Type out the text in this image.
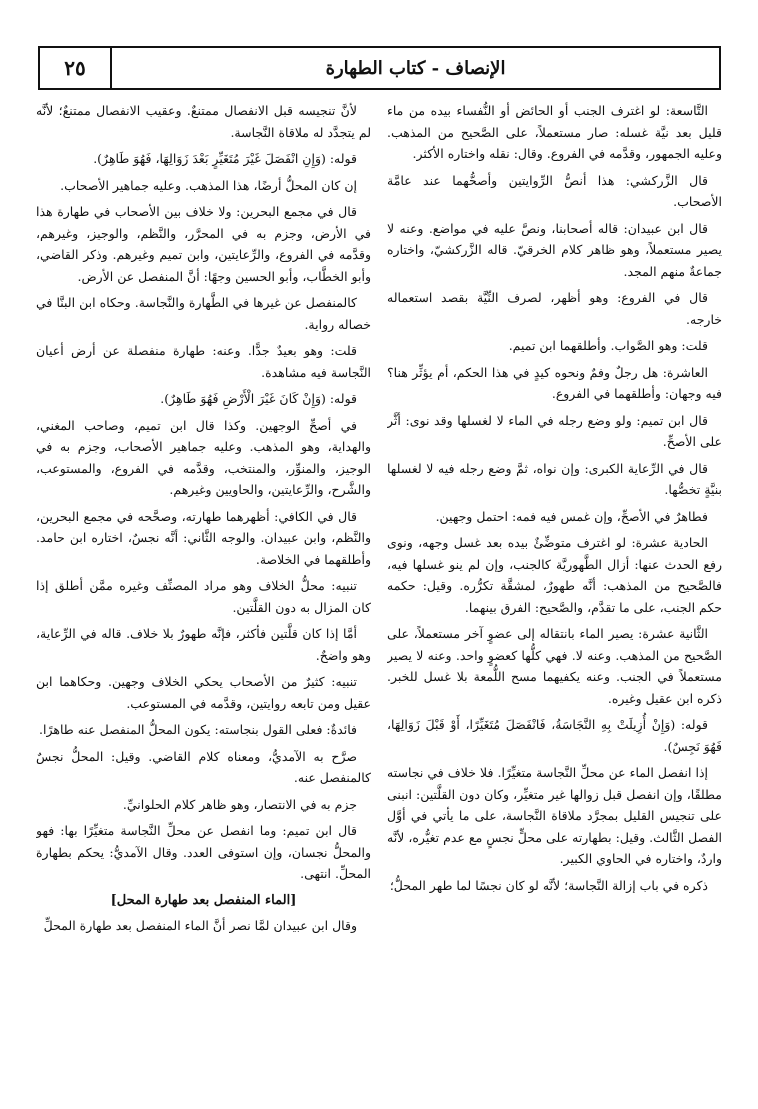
٢٥	الإنصاف - كتاب الطهارة

التَّاسعة: لو اغترف الجنب أو الحائض أو النُّفساء بيده من ماء قليل بعد نيَّة غسله: صار مستعملاً، على الصَّحيح من المذهب. وعليه الجمهور، وقدَّمه في الفروع. وقال: نقله واختاره الأكثر.

قال الزَّركشي: هذا أنصُّ الرِّوايتين وأصحُّهما عند عامَّة الأصحاب.

قال ابن عبيدان: قاله أصحابنا، ونصَّ عليه في مواضع. وعنه لا يصير مستعملاً، وهو ظاهر كلام الخرقيّ. قاله الزَّركشيّ، واختاره جماعةٌ منهم المجد.

قال في الفروع: وهو أظهر، لصرف النِّيَّة بقصد استعماله خارجه.

قلت: وهو الصَّواب. وأطلقهما ابن تميم.

العاشرة: هل رجلٌ وفمٌ ونحوه كيدٍ في هذا الحكم، أم يؤثِّر هنا؟ فيه وجهان: وأطلقهما في الفروع.

قال ابن تميم: ولو وضع رجله في الماء لا لغسلها وقد نوى: أثَّر على الأصحِّ.

قال في الرِّعاية الكبرى: وإن نواه، ثمَّ وضع رجله فيه لا لغسلها بنيَّةٍ تخصُّها.

فطاهرٌ في الأصحِّ، وإن غمس فيه فمه: احتمل وجهين.

الحادية عشرة: لو اغترف متوضِّئٌ بيده بعد غسل وجهه، ونوى رفع الحدث عنها: أزال الطَّهوريَّة كالجنب، وإن لم ينو غسلها فيه، فالصَّحيح من المذهب: أنَّه طهورٌ، لمشقَّة تكرُّره. وقيل: حكمه حكم الجنب، على ما تقدَّم، والصَّحيح: الفرق بينهما.

الثَّانية عشرة: يصير الماء بانتقاله إلى عضوٍ آخر مستعملاً، على الصَّحيح من المذهب. وعنه لا. فهي كلُّها كعضوٍ واحد. وعنه لا يصير مستعملاً في الجنب. وعنه يكفيهما مسح اللُّمعة بلا غسل للخبر. ذكره ابن عقيل وغيره.

قوله: (وَإِنْ أُزِيلَتْ بِهِ النَّجَاسَةُ، فَانْفَصَلَ مُتَغَيِّرًا، أَوْ قَبْلَ زَوَالِهَا، فَهُوَ نَجِسٌ).

إذا انفصل الماء عن محلِّ النَّجاسة متغيِّرًا. فلا خلاف في نجاسته مطلقًا، وإن انفصل قبل زوالها غير متغيِّر، وكان دون القلَّتين: انبنى على تنجيس القليل بمجرَّد ملاقاة النَّجاسة، على ما يأتي في أوَّل الفصل الثَّالث. وقيل: بطهارته على محلٍّ نجسٍ مع عدم تغيُّره، لأنَّه واردٌ، واختاره في الحاوي الكبير.

ذكره في باب إزالة النَّجاسة؛ لأنَّه لو كان نجسًا لما طهر المحلُّ؛

لأنَّ تنجيسه قبل الانفصال ممتنعٌ. وعقيب الانفصال ممتنعٌ؛ لأنَّه لم يتجدَّد له ملاقاة النَّجاسة.

قوله: (وَإِنِ انْفَصَلَ غَيْرَ مُتَغَيِّرٍ بَعْدَ زَوَالِهَا، فَهُوَ طَاهِرٌ).

إن كان المحلُّ أرضًا، هذا المذهب. وعليه جماهير الأصحاب.

قال في مجمع البحرين: ولا خلاف بين الأصحاب في طهارة هذا في الأرض، وجزم به في المحرَّر، والنَّظم، والوجيز، وغيرهم، وقدَّمه في الفروع، والرِّعايتين، وابن تميم وغيرهم. وذكر القاضي، وأبو الخطَّاب، وأبو الحسين وجهًا: أنَّ المنفصل عن الأرض.

كالمنفصل عن غيرها في الطَّهارة والنَّجاسة. وحكاه ابن البنَّا في خصاله رواية.

قلت: وهو بعيدٌ جدًّا. وعنه: طهارة منفصلة عن أرض أعيان النَّجاسة فيه مشاهدة.

قوله: (وَإِنْ كَانَ غَيْرَ الْأَرْضِ فَهُوَ طَاهِرٌ).

في أصحِّ الوجهين. وكذا قال ابن تميم، وصاحب المغني، والهداية، وهو المذهب. وعليه جماهير الأصحاب، وجزم به في الوجيز، والمنوِّر، والمنتخب، وقدَّمه في الفروع، والمستوعب، والشَّرح، والرِّعايتين، والحاويين وغيرهم.

قال في الكافي: أظهرهما طهارته، وصحَّحه في مجمع البحرين، والنَّظم، وابن عبيدان. والوجه الثَّاني: أنَّه نجسٌ، اختاره ابن حامد. وأطلقهما في الخلاصة.

تنبيه: محلُّ الخلاف وهو مراد المصنِّف وغيره ممَّن أطلق إذا كان المزال به دون القلَّتين.

أمَّا إذا كان قلَّتين فأكثر، فإنَّه طهورٌ بلا خلاف. قاله في الرِّعاية، وهو واضحٌ.

تنبيه: كثيرٌ من الأصحاب يحكي الخلاف وجهين. وحكاهما ابن عقيل ومن تابعه روايتين، وقدَّمه في المستوعب.

فائدةٌ: فعلى القول بنجاسته: يكون المحلُّ المنفصل عنه طاهرًا.

صرَّح به الآمديُّ، ومعناه كلام القاضي. وقيل: المحلُّ نجسٌ كالمنفصل عنه.

جزم به في الانتصار، وهو ظاهر كلام الحلوانيِّ.

قال ابن تميم: وما انفصل عن محلِّ النَّجاسة متغيِّرًا بها: فهو والمحلُّ نجسان، وإن استوفى العدد. وقال الآمديُّ: يحكم بطهارة المحلِّ. انتهى.

[الماء المنفصل بعد طهارة المحل]

وقال ابن عبيدان لمَّا نصر أنَّ الماء المنفصل بعد طهارة المحلِّ
